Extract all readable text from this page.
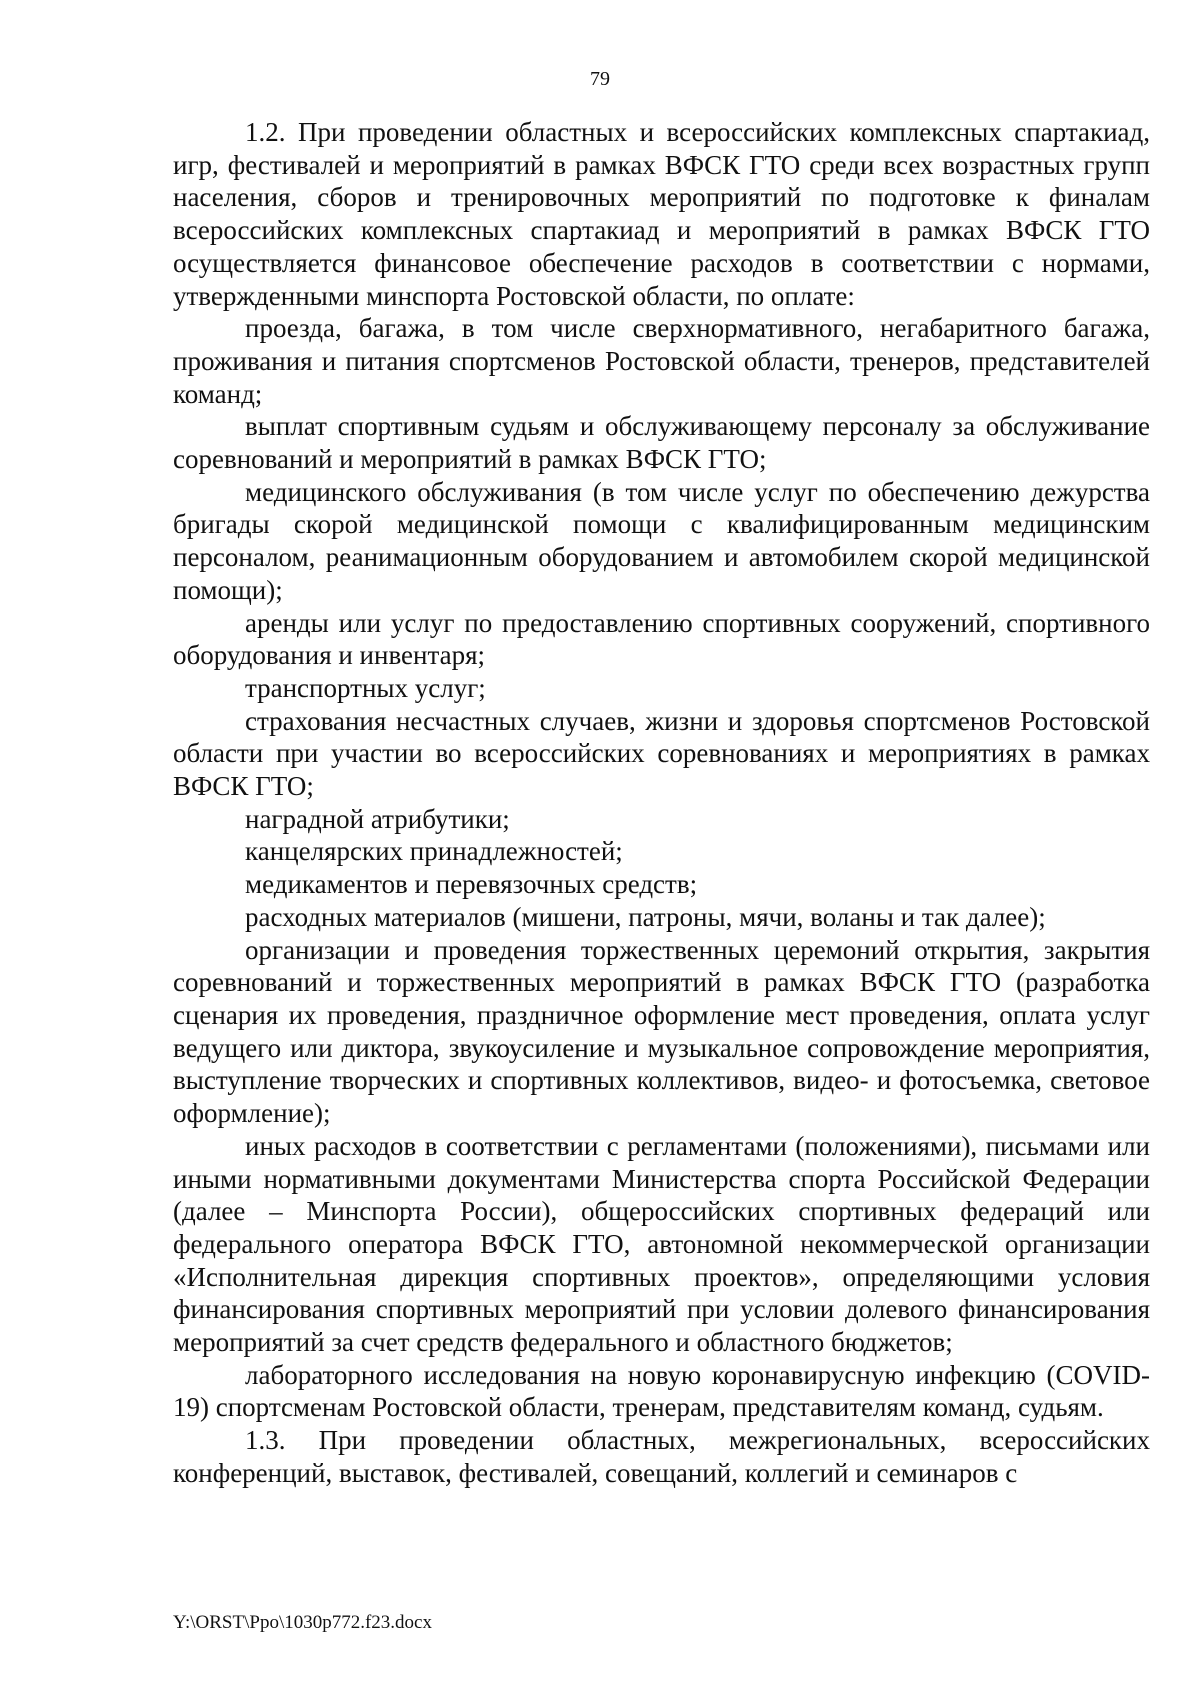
79

1.2. При проведении областных и всероссийских комплексных спартакиад, игр, фестивалей и мероприятий в рамках ВФСК ГТО среди всех возрастных групп населения, сборов и тренировочных мероприятий по подготовке к финалам всероссийских комплексных спартакиад и мероприятий в рамках ВФСК ГТО осуществляется финансовое обеспечение расходов в соответствии с нормами, утвержденными минспорта Ростовской области, по оплате:

проезда, багажа, в том числе сверхнормативного, негабаритного багажа, проживания и питания спортсменов Ростовской области, тренеров, представителей команд;

выплат спортивным судьям и обслуживающему персоналу за обслуживание соревнований и мероприятий в рамках ВФСК ГТО;

медицинского обслуживания (в том числе услуг по обеспечению дежурства бригады скорой медицинской помощи с квалифицированным медицинским персоналом, реанимационным оборудованием и автомобилем скорой медицинской помощи);

аренды или услуг по предоставлению спортивных сооружений, спортивного оборудования и инвентаря;

транспортных услуг;

страхования несчастных случаев, жизни и здоровья спортсменов Ростовской области при участии во всероссийских соревнованиях и мероприятиях в рамках ВФСК ГТО;

наградной атрибутики;

канцелярских принадлежностей;

медикаментов и перевязочных средств;

расходных материалов (мишени, патроны, мячи, воланы и так далее);

организации и проведения торжественных церемоний открытия, закрытия соревнований и торжественных мероприятий в рамках ВФСК ГТО (разработка сценария их проведения, праздничное оформление мест проведения, оплата услуг ведущего или диктора, звукоусиление и музыкальное сопровождение мероприятия, выступление творческих и спортивных коллективов, видео- и фотосъемка, световое оформление);

иных расходов в соответствии с регламентами (положениями), письмами или иными нормативными документами Министерства спорта Российской Федерации (далее – Минспорта России), общероссийских спортивных федераций или федерального оператора ВФСК ГТО, автономной некоммерческой организации «Исполнительная дирекция спортивных проектов», определяющими условия финансирования спортивных мероприятий при условии долевого финансирования мероприятий за счет средств федерального и областного бюджетов;

лабораторного исследования на новую коронавирусную инфекцию (COVID-19) спортсменам Ростовской области, тренерам, представителям команд, судьям.

1.3. При проведении областных, межрегиональных, всероссийских конференций, выставок, фестивалей, совещаний, коллегий и семинаров с

Y:\ORST\Ppo\1030p772.f23.docx
